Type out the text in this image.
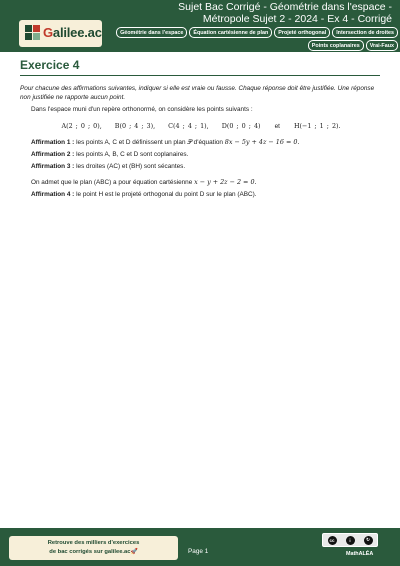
Galilee.ac
Sujet Bac Corrigé - Géométrie dans l'espace -
Métropole Sujet 2 - 2024 - Ex 4 - Corrigé
Géométrie dans l'espace	Équation cartésienne de plan	Projeté orthogonal	Intersection de droites
Points coplanaires	Vrai-Faux
Exercice 4
Pour chacune des affirmations suivantes, indiquer si elle est vraie ou fausse. Chaque réponse doit être justifiée. Une réponse non justifiée ne rapporte aucun point.
Dans l'espace muni d'un repère orthonormé, on considère les points suivants :
A(2 ; 0 ; 0), B(0 ; 4 ; 3), C(4 ; 4 ; 1), D(0 ; 0 ; 4) et H(−1 ; 1 ; 2).
Affirmation 1 : les points A, C et D définissent un plan 𝒫 d'équation 8x − 5y + 4z − 16 = 0.
Affirmation 2 : les points A, B, C et D sont coplanaires.
Affirmation 3 : les droites (AC) et (BH) sont sécantes.
On admet que le plan (ABC) a pour équation cartésienne x − y + 2z − 2 = 0.
Affirmation 4 : le point H est le projeté orthogonal du point D sur le plan (ABC).
Retrouve des milliers d'exercices
de bac corrigés sur galilee.ac🚀	Page 1
cc	i	↻
MathALÉA
